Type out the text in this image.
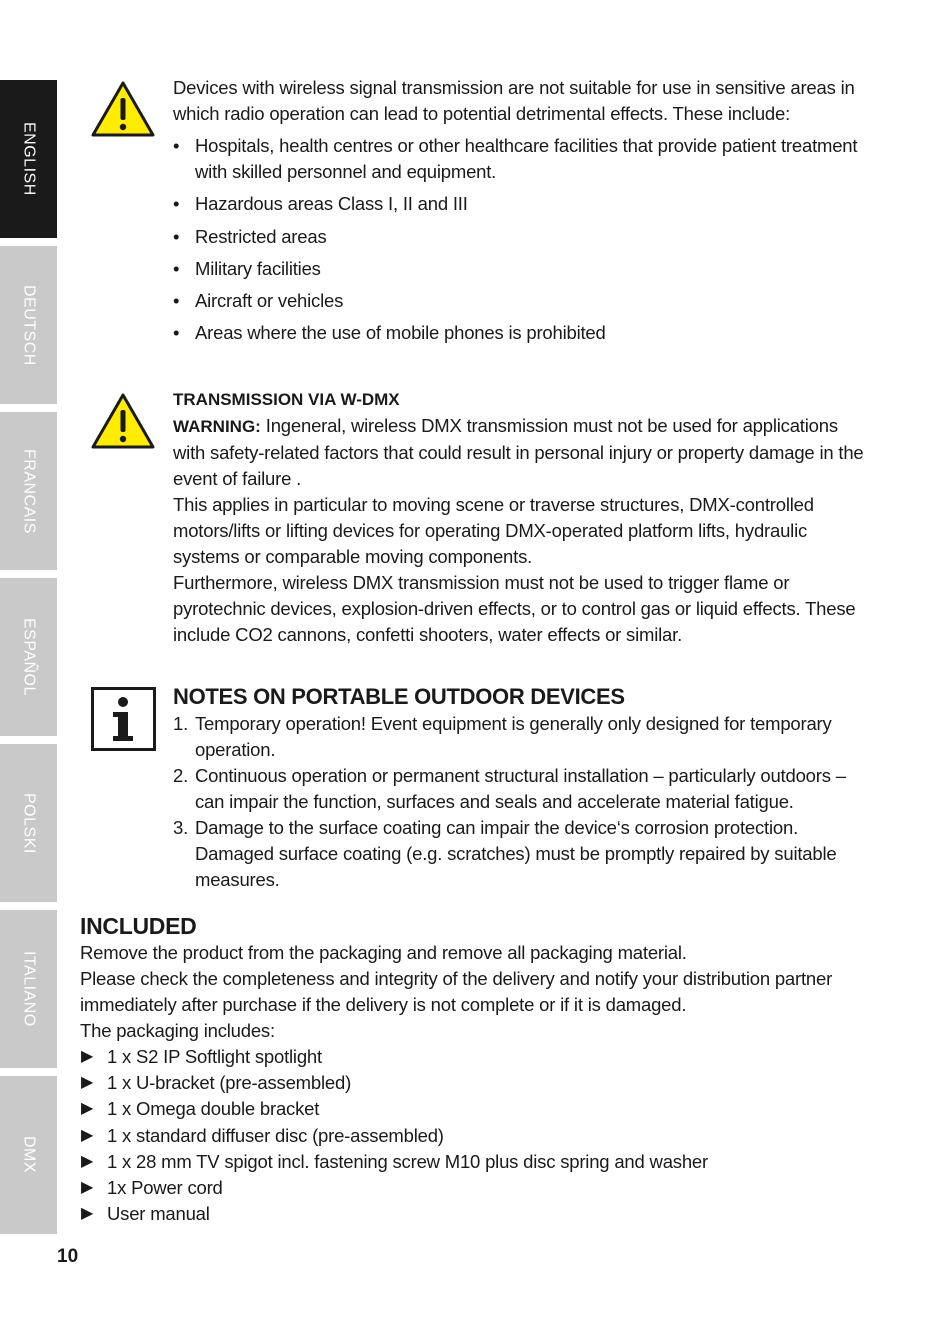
ENGLISH
DEUTSCH
FRANCAIS
ESPAÑOL
POLSKI
ITALIANO
DMX

Devices with wireless signal transmission are not suitable for use in sensitive areas in which radio operation can lead to potential detrimental effects. These include:

• Hospitals, health centres or other healthcare facilities that provide patient treatment with skilled personnel and equipment.
• Hazardous areas Class I, II and III
• Restricted areas
• Military facilities
• Aircraft or vehicles
• Areas where the use of mobile phones is prohibited

TRANSMISSION VIA W-DMX

WARNING: Ingeneral, wireless DMX transmission must not be used for applications with safety-related factors that could result in personal injury or property damage in the event of failure .

This applies in particular to moving scene or traverse structures, DMX-controlled motors/lifts or lifting devices for operating DMX-operated platform lifts, hydraulic systems or comparable moving components.

Furthermore, wireless DMX transmission must not be used to trigger flame or pyrotechnic devices, explosion-driven effects, or to control gas or liquid effects. These include CO2 cannons, confetti shooters, water effects or similar.

NOTES ON PORTABLE OUTDOOR DEVICES

1. Temporary operation! Event equipment is generally only designed for temporary operation.
2. Continuous operation or permanent structural installation – particularly outdoors – can impair the function, surfaces and seals and accelerate material fatigue.
3. Damage to the surface coating can impair the device‘s corrosion protection. Damaged surface coating (e.g. scratches) must be promptly repaired by suitable measures.

INCLUDED

Remove the product from the packaging and remove all packaging material.

Please check the completeness and integrity of the delivery and notify your distribution partner immediately after purchase if the delivery is not complete or if it is damaged.

The packaging includes:

▶ 1 x S2 IP Softlight spotlight
▶ 1 x U-bracket (pre-assembled)
▶ 1 x Omega double bracket
▶ 1 x standard diffuser disc (pre-assembled)
▶ 1 x 28 mm TV spigot incl. fastening screw M10 plus disc spring and washer
▶ 1x Power cord
▶ User manual
10
